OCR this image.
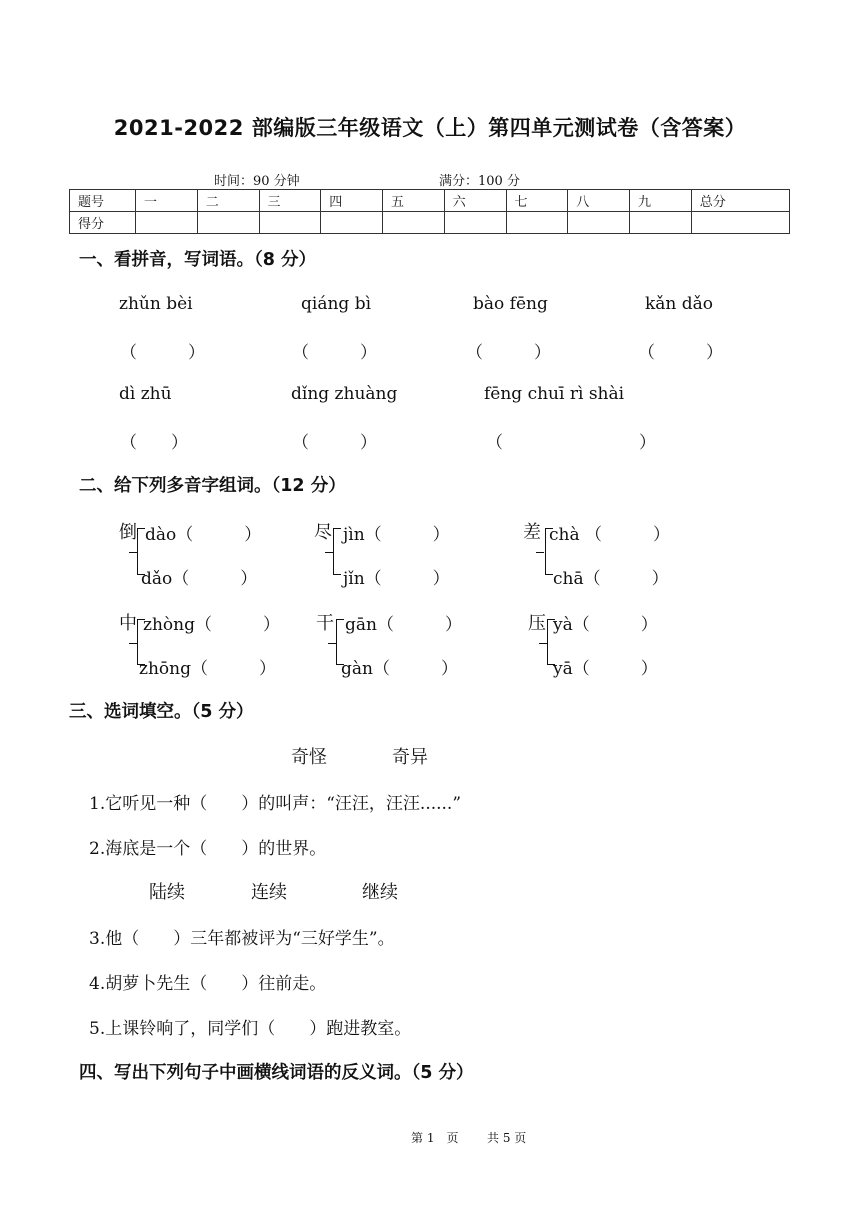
2021-2022 部编版三年级语文（上）第四单元测试卷（含答案）
时间：90 分钟	满分：100 分
题号	一	二	三	四	五	六	七	八	九	总分
得分										
一、看拼音，写词语。（8 分）
zhǔn bèi	qiáng bì	bào fēng	kǎn dǎo
（　　　）	（　　　）	（　　　）	（　　　）
dì zhū	dǐng zhuàng	fēng chuī rì shài
（　　）	（　　　）	（　　　　　　　　）
二、给下列多音字组词。（12 分）
倒 dào（　　　）
dǎo（　　　）
尽 jìn（　　　）
jǐn（　　　）
差 chà （　　　）
chā（　　　）
中 zhòng（　　　）
zhōng（　　　）
干 gān（　　　）
gàn（　　　）
压 yà（　　　）
yā（　　　）
三、选词填空。（5 分）
奇怪	奇异
1.它听见一种（　　）的叫声：“汪汪，汪汪......”
2.海底是一个（　　）的世界。
陆续	连续	继续
3.他（　　）三年都被评为“三好学生”。
4.胡萝卜先生（　　）往前走。
5.上课铃响了，同学们（　　）跑进教室。
四、写出下列句子中画横线词语的反义词。（5 分）
第 1　页 共 5 页
